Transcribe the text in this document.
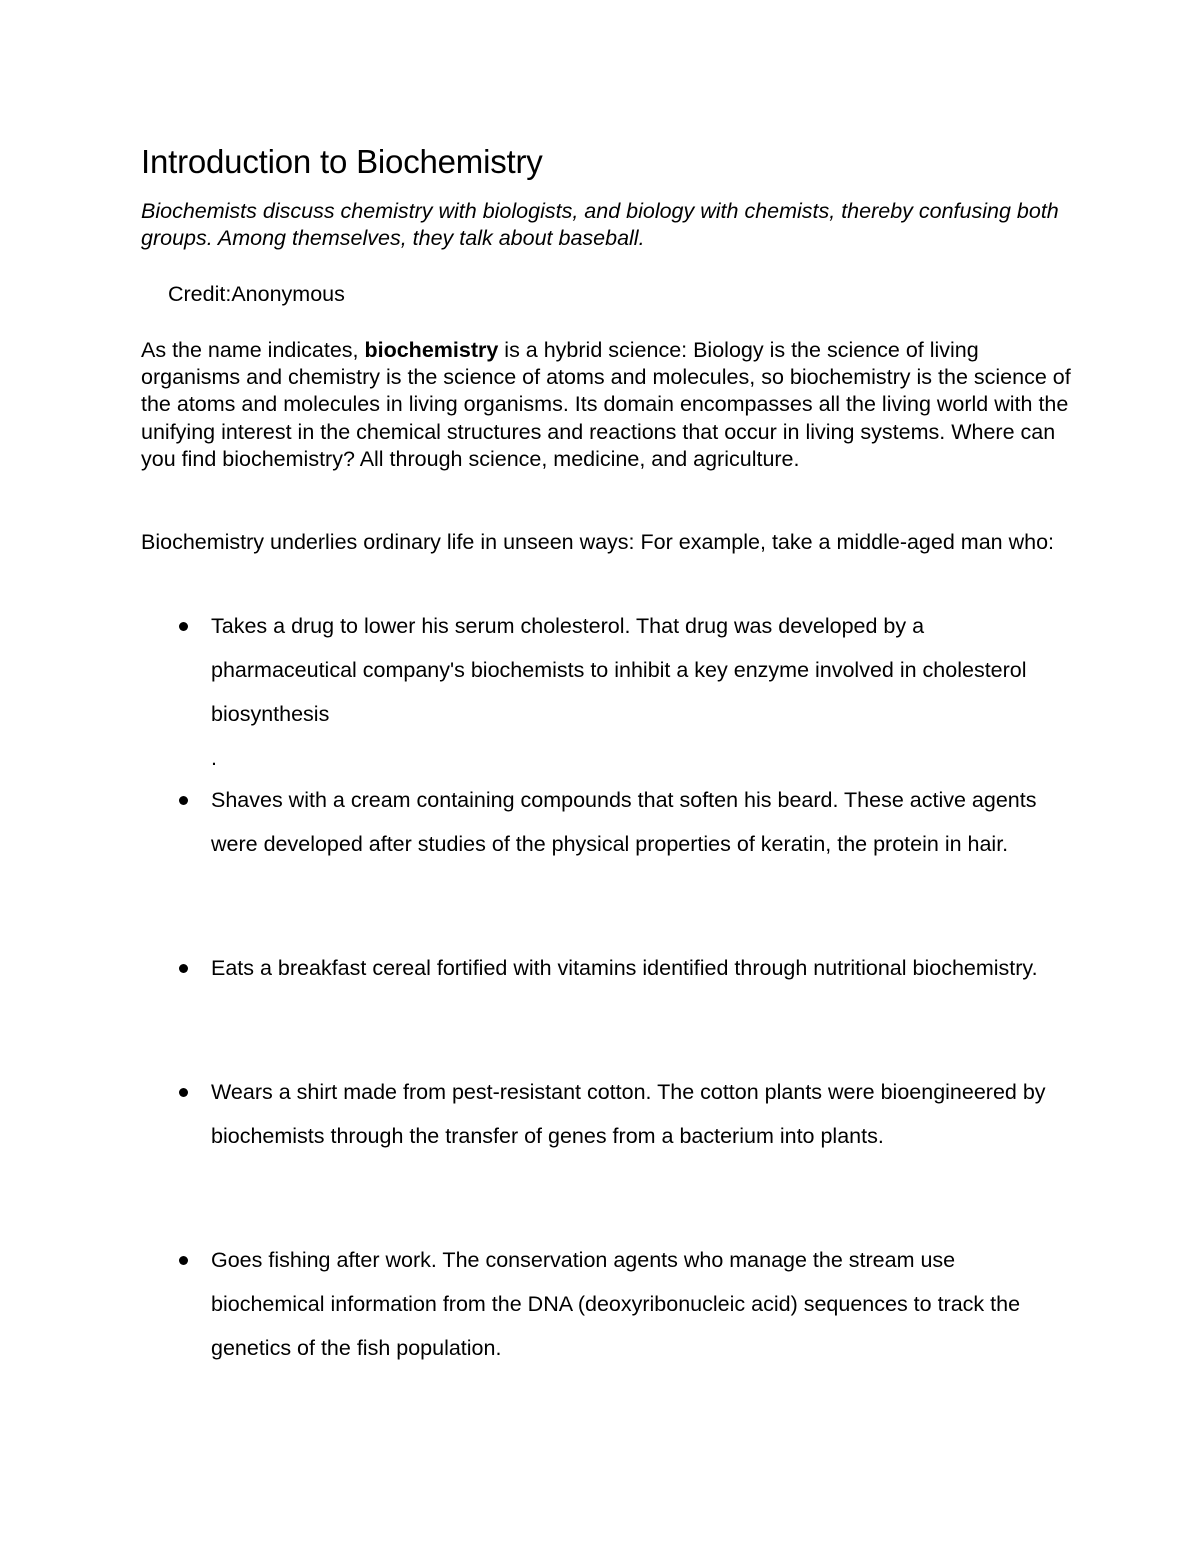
Introduction to Biochemistry

Biochemists discuss chemistry with biologists, and biology with chemists, thereby confusing both groups. Among themselves, they talk about baseball.

Credit:Anonymous

As the name indicates, biochemistry is a hybrid science: Biology is the science of living organisms and chemistry is the science of atoms and molecules, so biochemistry is the science of the atoms and molecules in living organisms. Its domain encompasses all the living world with the unifying interest in the chemical structures and reactions that occur in living systems. Where can you find biochemistry? All through science, medicine, and agriculture.

Biochemistry underlies ordinary life in unseen ways: For example, take a middle-aged man who:

Takes a drug to lower his serum cholesterol. That drug was developed by a pharmaceutical company's biochemists to inhibit a key enzyme involved in cholesterol biosynthesis
.
Shaves with a cream containing compounds that soften his beard. These active agents were developed after studies of the physical properties of keratin, the protein in hair.
Eats a breakfast cereal fortified with vitamins identified through nutritional biochemistry.
Wears a shirt made from pest-resistant cotton. The cotton plants were bioengineered by biochemists through the transfer of genes from a bacterium into plants.
Goes fishing after work. The conservation agents who manage the stream use biochemical information from the DNA (deoxyribonucleic acid) sequences to track the genetics of the fish population.
